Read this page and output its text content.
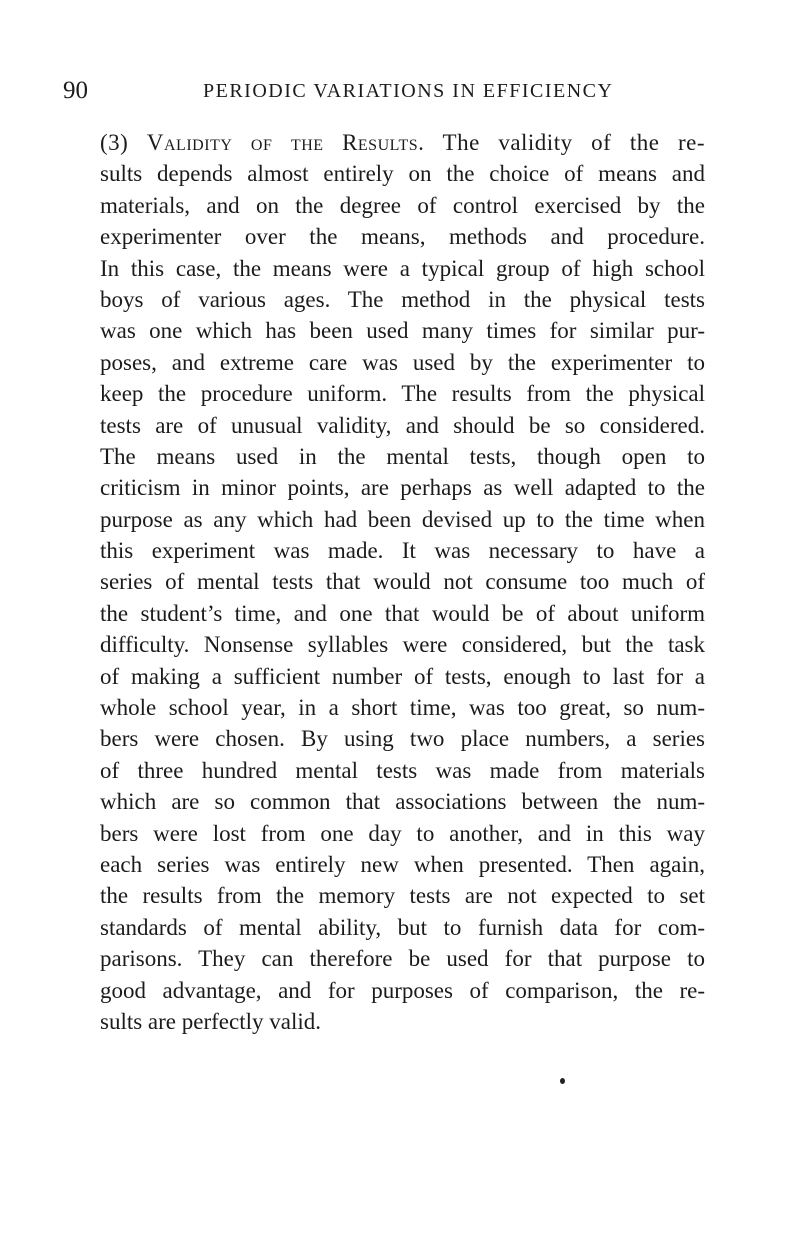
90	PERIODIC VARIATIONS IN EFFICIENCY
(3) Validity of the Results. The validity of the re-
sults depends almost entirely on the choice of means and
materials, and on the degree of control exercised by the
experimenter over the means, methods and procedure.
In this case, the means were a typical group of high school
boys of various ages. The method in the physical tests
was one which has been used many times for similar pur-
poses, and extreme care was used by the experimenter to
keep the procedure uniform. The results from the physical
tests are of unusual validity, and should be so considered.
The means used in the mental tests, though open to
criticism in minor points, are perhaps as well adapted to the
purpose as any which had been devised up to the time when
this experiment was made. It was necessary to have a
series of mental tests that would not consume too much of
the student’s time, and one that would be of about uniform
difficulty. Nonsense syllables were considered, but the task
of making a sufficient number of tests, enough to last for a
whole school year, in a short time, was too great, so num-
bers were chosen. By using two place numbers, a series
of three hundred mental tests was made from materials
which are so common that associations between the num-
bers were lost from one day to another, and in this way
each series was entirely new when presented. Then again,
the results from the memory tests are not expected to set
standards of mental ability, but to furnish data for com-
parisons. They can therefore be used for that purpose to
good advantage, and for purposes of comparison, the re-
sults are perfectly valid.
